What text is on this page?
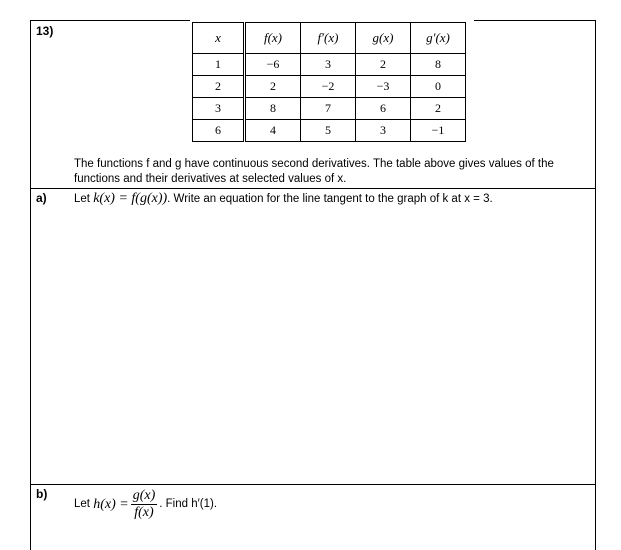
13)	x	f(x)	f′(x)	g(x)	g′(x)
1	−6	3	2	8
2	2	−2	−3	0
3	8	7	6	2
6	4	5	3	−1
The functions f and g have continuous second derivatives. The table above gives values of the
functions and their derivatives at selected values of x.
a) Let k(x) = f(g(x)). Write an equation for the line tangent to the graph of k at x = 3.
b)
Let $h(x) = \frac{g(x)}{f(x)}$ . Find h′(1).
